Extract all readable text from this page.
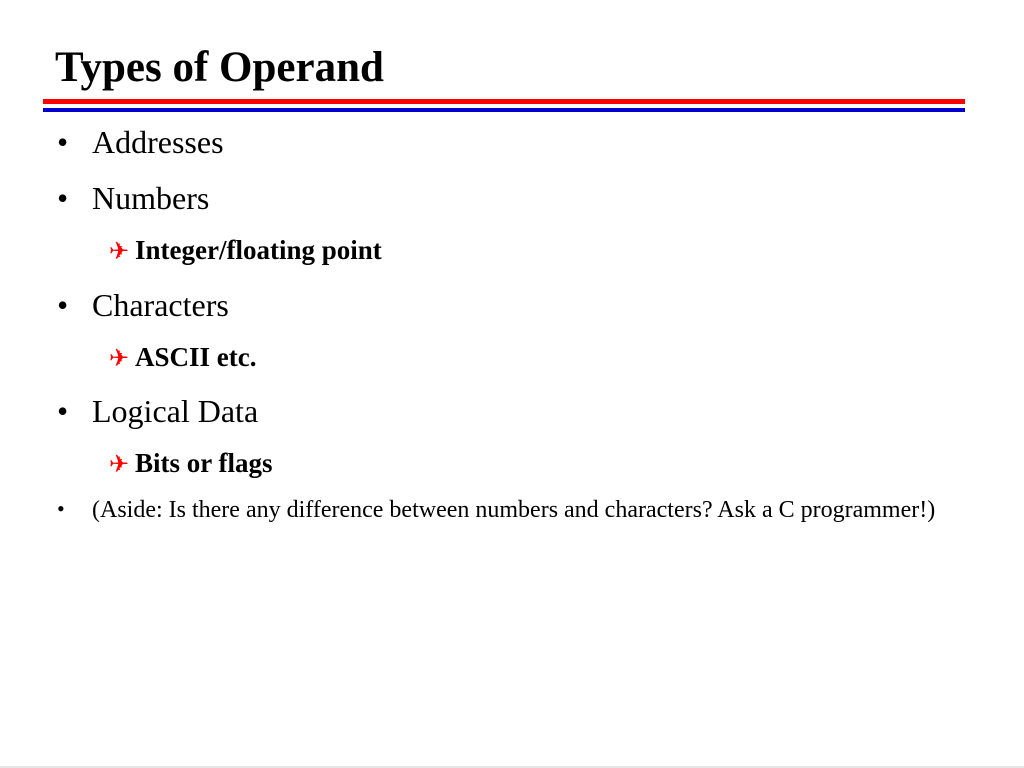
Types of Operand
• Addresses
• Numbers
✈ Integer/floating point
• Characters
✈ ASCII etc.
• Logical Data
✈ Bits or flags
• (Aside: Is there any difference between numbers and characters? Ask a C programmer!)
